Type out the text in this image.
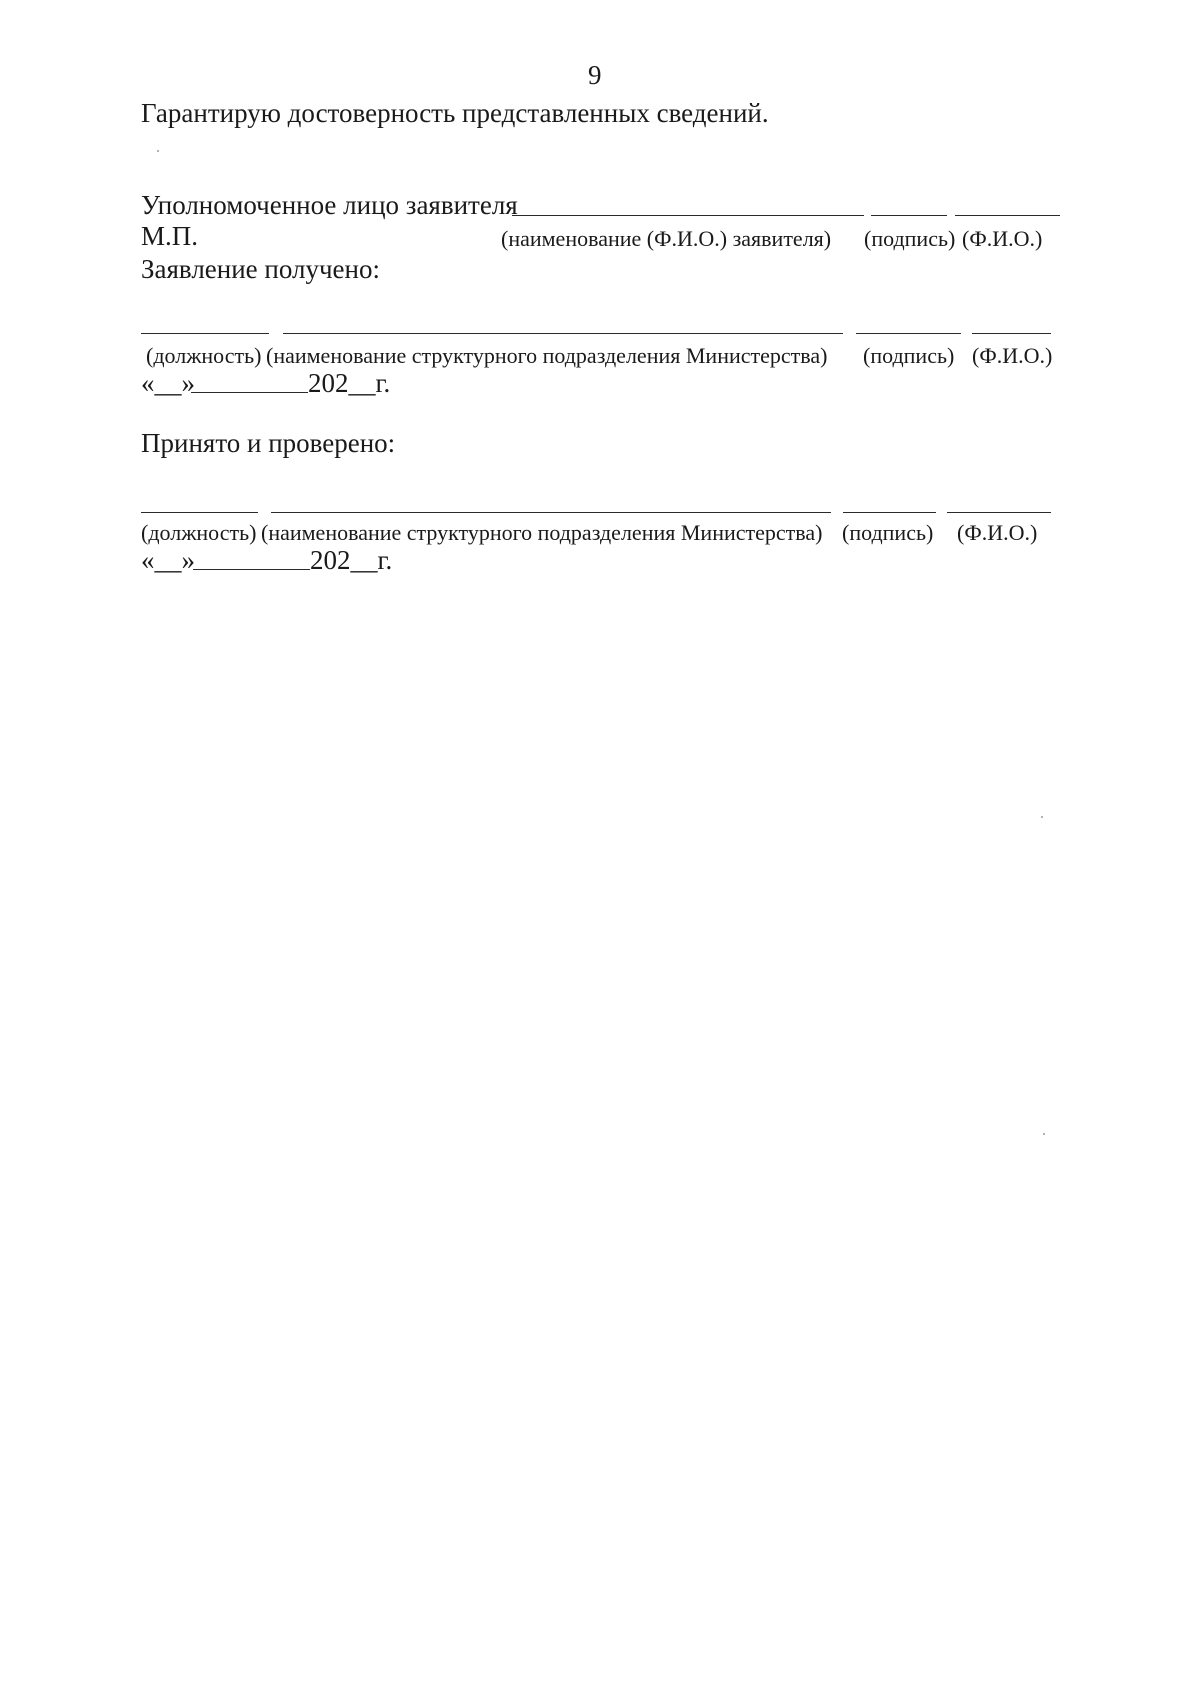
9
Гарантирую достоверность представленных сведений.
Уполномоченное лицо заявителя
М.П.	(наименование (Ф.И.О.) заявителя) (подпись) (Ф.И.О.)
Заявление получено:
(должность) (наименование структурного подразделения Министерства) (подпись) (Ф.И.О.)
«__»	202__г.
Принято и проверено:
(должность) (наименование структурного подразделения Министерства) (подпись) (Ф.И.О.)
«__»	202__г.
